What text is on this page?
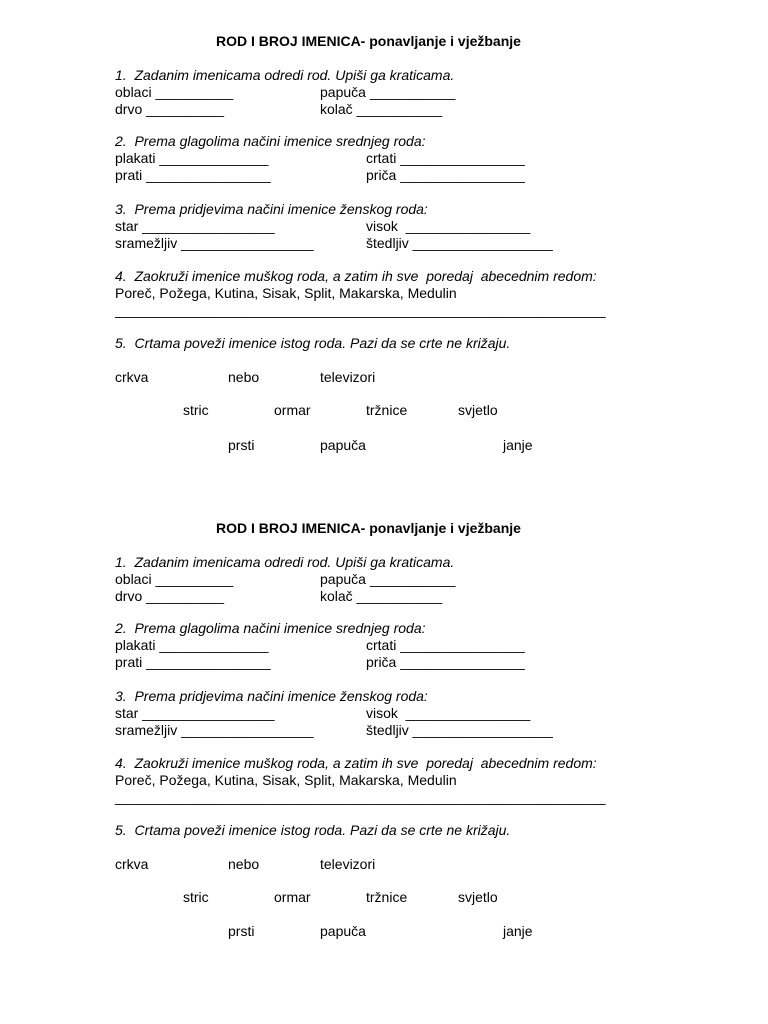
ROD I BROJ IMENICA- ponavljanje i vježbanje
1.  Zadanim imenicama odredi rod. Upiši ga kraticama.
oblaci __________	papuča ___________
drvo __________	kolač ___________
2.  Prema glagolima načini imenice srednjeg roda:
plakati ______________	crtati ________________
prati ________________	priča ________________
3.  Prema pridjevima načini imenice ženskog roda:
star _________________	visok  ________________
sramežljiv _________________	štedljiv __________________
4.  Zaokruži imenice muškog roda, a zatim ih sve  poredaj  abecednim redom:
Poreč, Požega, Kutina, Sisak, Split, Makarska, Medulin
_______________________________________________________________
5.  Crtama poveži imenice istog roda. Pazi da se crte ne križaju.
crkva	nebo	televizori
stric	ormar	tržnice	svjetlo
prsti	papuča	janje
ROD I BROJ IMENICA- ponavljanje i vježbanje
1.  Zadanim imenicama odredi rod. Upiši ga kraticama.
oblaci __________	papuča ___________
drvo __________	kolač ___________
2.  Prema glagolima načini imenice srednjeg roda:
plakati ______________	crtati ________________
prati ________________	priča ________________
3.  Prema pridjevima načini imenice ženskog roda:
star _________________	visok  ________________
sramežljiv _________________	štedljiv __________________
4.  Zaokruži imenice muškog roda, a zatim ih sve  poredaj  abecednim redom:
Poreč, Požega, Kutina, Sisak, Split, Makarska, Medulin
_______________________________________________________________
5.  Crtama poveži imenice istog roda. Pazi da se crte ne križaju.
crkva	nebo	televizori
stric	ormar	tržnice	svjetlo
prsti	papuča	janje
